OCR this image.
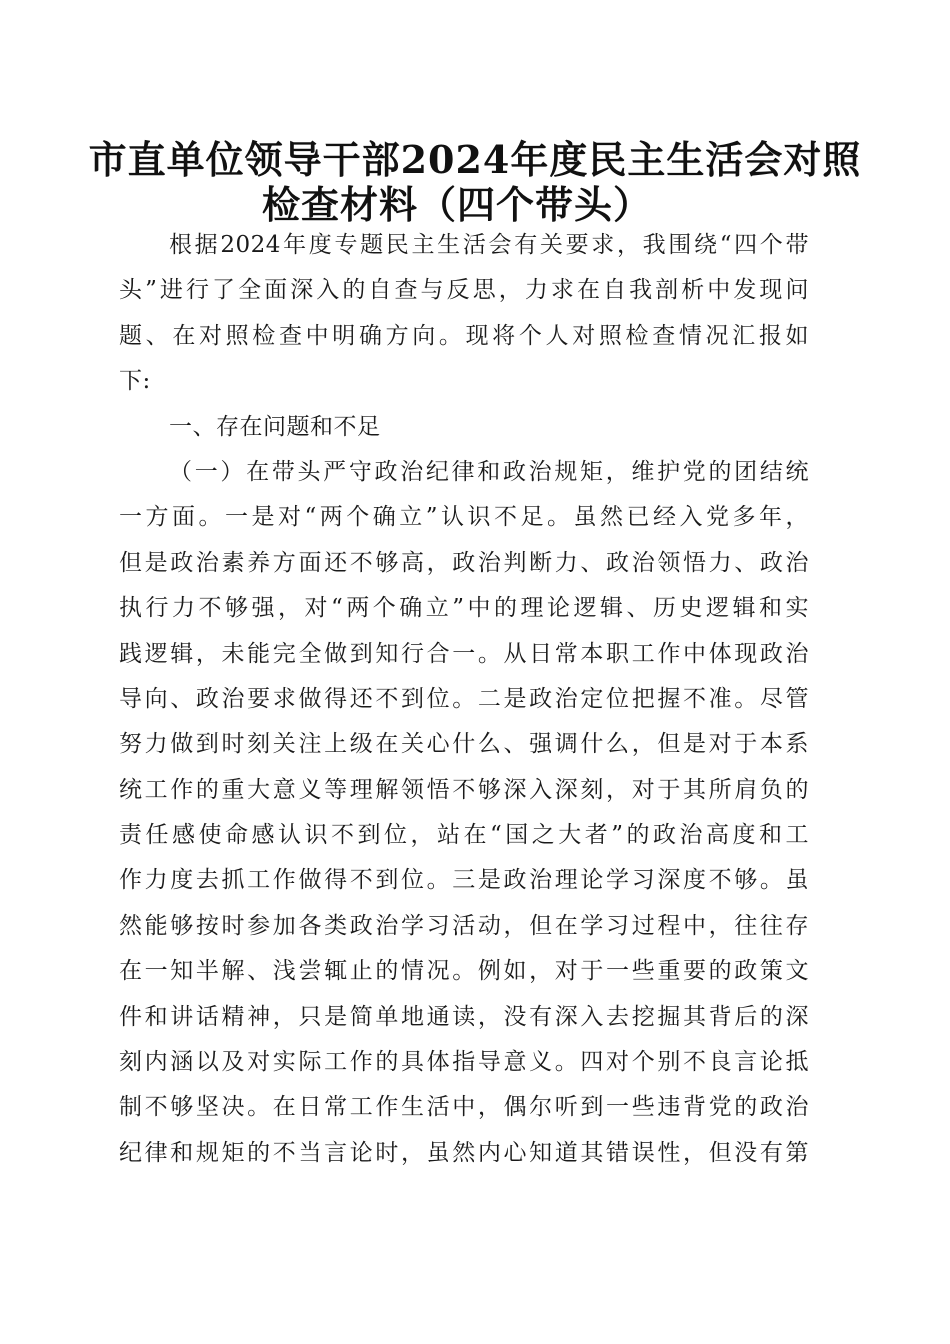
市直单位领导干部2024年度民主生活会对照
检查材料（四个带头）
根据2024年度专题民主生活会有关要求，我围绕“四个带
头”进行了全面深入的自查与反思，力求在自我剖析中发现问
题、在对照检查中明确方向。现将个人对照检查情况汇报如
下:
一、存在问题和不足
（一）在带头严守政治纪律和政治规矩，维护党的团结统
一方面。一是对“两个确立”认识不足。虽然已经入党多年，
但是政治素养方面还不够高，政治判断力、政治领悟力、政治
执行力不够强，对“两个确立”中的理论逻辑、历史逻辑和实
践逻辑，未能完全做到知行合一。从日常本职工作中体现政治
导向、政治要求做得还不到位。二是政治定位把握不准。尽管
努力做到时刻关注上级在关心什么、强调什么，但是对于本系
统工作的重大意义等理解领悟不够深入深刻，对于其所肩负的
责任感使命感认识不到位，站在“国之大者”的政治高度和工
作力度去抓工作做得不到位。三是政治理论学习深度不够。虽
然能够按时参加各类政治学习活动，但在学习过程中，往往存
在一知半解、浅尝辄止的情况。例如，对于一些重要的政策文
件和讲话精神，只是简单地通读，没有深入去挖掘其背后的深
刻内涵以及对实际工作的具体指导意义。四对个别不良言论抵
制不够坚决。在日常工作生活中，偶尔听到一些违背党的政治
纪律和规矩的不当言论时，虽然内心知道其错误性，但没有第
